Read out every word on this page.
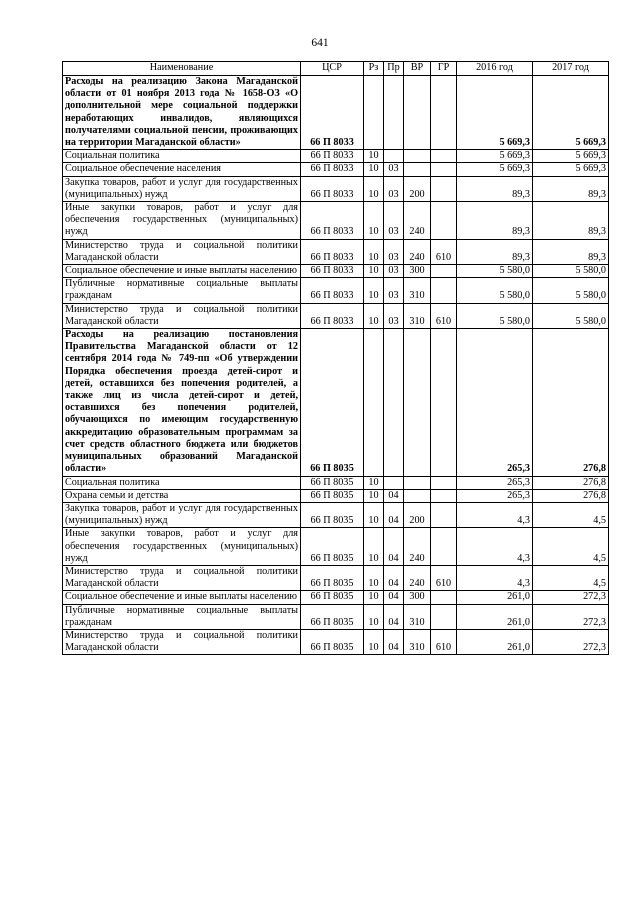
641
Наименование	ЦСР	Рз	Пр	ВР	ГР	2016 год	2017 год
Расходы на реализацию Закона Магаданской области от 01 ноября 2013 года № 1658-ОЗ «О дополнительной мере социальной поддержки неработающих инвалидов, являющихся получателями социальной пенсии, проживающих на территории Магаданской области»	66 П 8033					5 669,3	5 669,3
Социальная политика	66 П 8033	10				5 669,3	5 669,3
Социальное обеспечение населения	66 П 8033	10	03			5 669,3	5 669,3
Закупка товаров, работ и услуг для государственных (муниципальных) нужд	66 П 8033	10	03	200		89,3	89,3
Иные закупки товаров, работ и услуг для обеспечения государственных (муниципальных) нужд	66 П 8033	10	03	240		89,3	89,3
Министерство труда и социальной политики Магаданской области	66 П 8033	10	03	240	610	89,3	89,3
Социальное обеспечение и иные выплаты населению	66 П 8033	10	03	300		5 580,0	5 580,0
Публичные нормативные социальные выплаты гражданам	66 П 8033	10	03	310		5 580,0	5 580,0
Министерство труда и социальной политики Магаданской области	66 П 8033	10	03	310	610	5 580,0	5 580,0
Расходы на реализацию постановления Правительства Магаданской области от 12 сентября 2014 года № 749-пп «Об утверждении Порядка обеспечения проезда детей-сирот и детей, оставшихся без попечения родителей, а также лиц из числа детей-сирот и детей, оставшихся без попечения родителей, обучающихся по имеющим государственную аккредитацию образовательным программам за счет средств областного бюджета или бюджетов муниципальных образований Магаданской области»	66 П 8035					265,3	276,8
Социальная политика	66 П 8035	10				265,3	276,8
Охрана семьи и детства	66 П 8035	10	04			265,3	276,8
Закупка товаров, работ и услуг для государственных (муниципальных) нужд	66 П 8035	10	04	200		4,3	4,5
Иные закупки товаров, работ и услуг для обеспечения государственных (муниципальных) нужд	66 П 8035	10	04	240		4,3	4,5
Министерство труда и социальной политики Магаданской области	66 П 8035	10	04	240	610	4,3	4,5
Социальное обеспечение и иные выплаты населению	66 П 8035	10	04	300		261,0	272,3
Публичные нормативные социальные выплаты гражданам	66 П 8035	10	04	310		261,0	272,3
Министерство труда и социальной политики Магаданской области	66 П 8035	10	04	310	610	261,0	272,3
